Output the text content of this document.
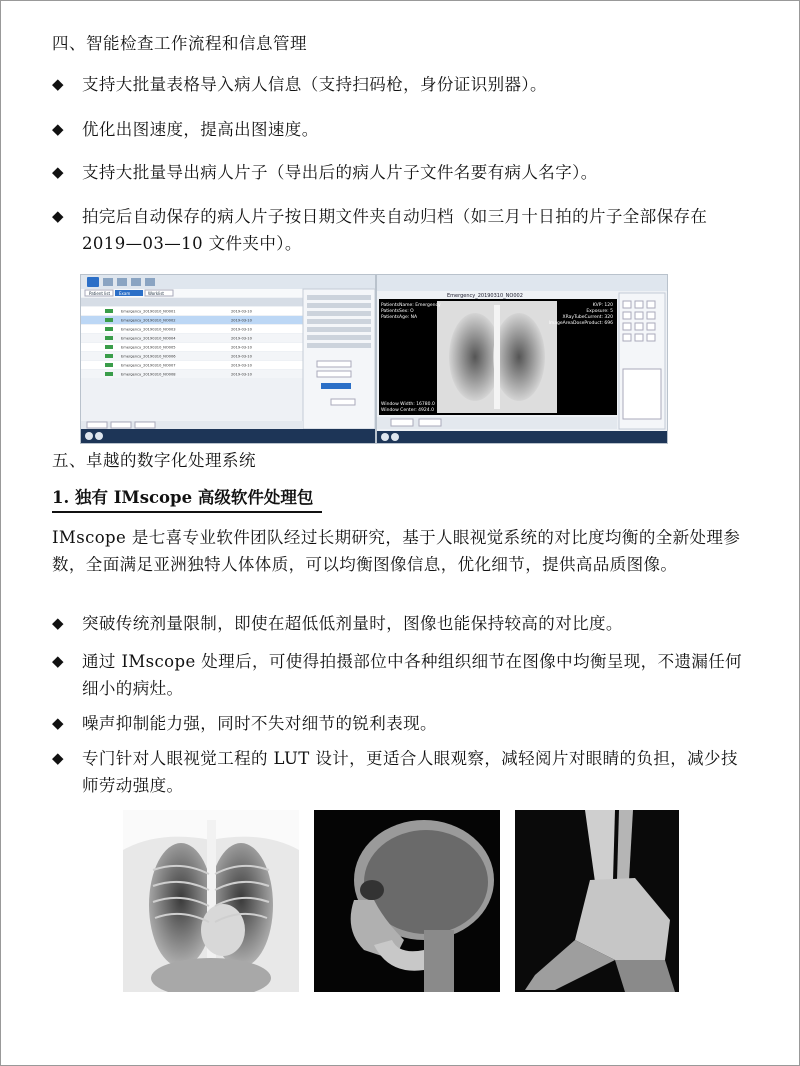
四、智能检查工作流程和信息管理
◆	支持大批量表格导入病人信息（支持扫码枪，身份证识别器）。
◆	优化出图速度，提高出图速度。
◆	支持大批量导出病人片子（导出后的病人片子文件名要有病人名字）。
◆	拍完后自动保存的病人片子按日期文件夹自动归档（如三月十日拍的片子全部保存在 2019—03—10 文件夹中）。
Patient list Exam	Worklist
Emergency_20190310_NO001	2019-03-10
Emergency_20190310_NO002	2019-03-10
Emergency_20190310_NO003	2019-03-10
Emergency_20190310_NO004	2019-03-10
Emergency_20190310_NO005	2019-03-10
Emergency_20190310_NO006	2019-03-10
Emergency_20190310_NO007	2019-03-10
Emergency_20190310_NO008	2019-03-10
Emergency_20190310_NO002
PatientsName: Emergency
PatientsSex: O
PatientsAge: NA
KVP: 120
Exposure: 5
XRayTubeCurrent: 320
ImageAreaDoseProduct: 696
Window Width: 16780.0
Window Center: 4924.0
五、卓越的数字化处理系统
1. 独有 IMscope 高级软件处理包
IMscope 是七喜专业软件团队经过长期研究，基于人眼视觉系统的对比度均衡的全新处理参数，全面满足亚洲独特人体体质，可以均衡图像信息，优化细节，提供高品质图像。
◆	突破传统剂量限制，即使在超低低剂量时，图像也能保持较高的对比度。
◆	通过 IMscope 处理后，可使得拍摄部位中各种组织细节在图像中均衡呈现，不遗漏任何细小的病灶。
◆	噪声抑制能力强，同时不失对细节的锐利表现。
◆	专门针对人眼视觉工程的 LUT 设计，更适合人眼观察，减轻阅片对眼睛的负担，减少技师劳动强度。
